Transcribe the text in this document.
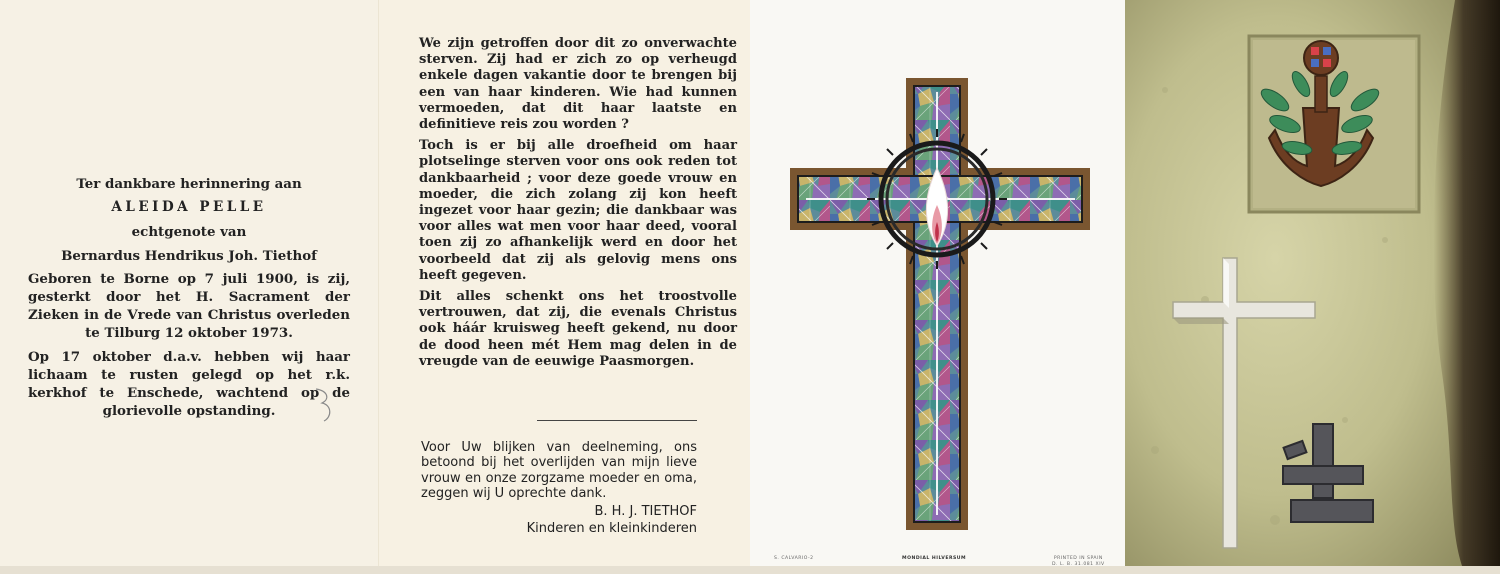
Ter dankbare herinnering aan

ALEIDA PELLE

echtgenote van

Bernardus Hendrikus Joh. Tiethof

Geboren te Borne op 7 juli 1900, is zij, gesterkt door het H. Sacrament der Zieken in de Vrede van Christus overleden te Tilburg 12 oktober 1973.

Op 17 oktober d.a.v. hebben wij haar lichaam te rusten gelegd op het r.k. kerkhof te Enschede, wachtend op de glorievolle opstanding.

We zijn getroffen door dit zo onverwachte sterven. Zij had er zich zo op verheugd enkele dagen vakantie door te brengen bij een van haar kinderen. Wie had kunnen vermoeden, dat dit haar laatste en definitieve reis zou worden ?

Toch is er bij alle droefheid om haar plotselinge sterven voor ons ook reden tot dankbaarheid ; voor deze goede vrouw en moeder, die zich zolang zij kon heeft ingezet voor haar gezin; die dankbaar was voor alles wat men voor haar deed, vooral toen zij zo afhankelijk werd en door het voorbeeld dat zij als gelovig mens ons heeft gegeven.

Dit alles schenkt ons het troostvolle vertrouwen, dat zij, die evenals Christus ook háár kruisweg heeft gekend, nu door de dood heen mét Hem mag delen in de vreugde van de eeuwige Paasmorgen.

Voor Uw blijken van deelneming, ons betoond bij het overlijden van mijn lieve vrouw en onze zorgzame moeder en oma, zeggen wij U oprechte dank.

B. H. J. TIETHOF
Kinderen en kleinkinderen
S. CALVARIO-2	MONDIAL HILVERSUM	PRINTED IN SPAIN
D. L. B. 31.081 XIV
